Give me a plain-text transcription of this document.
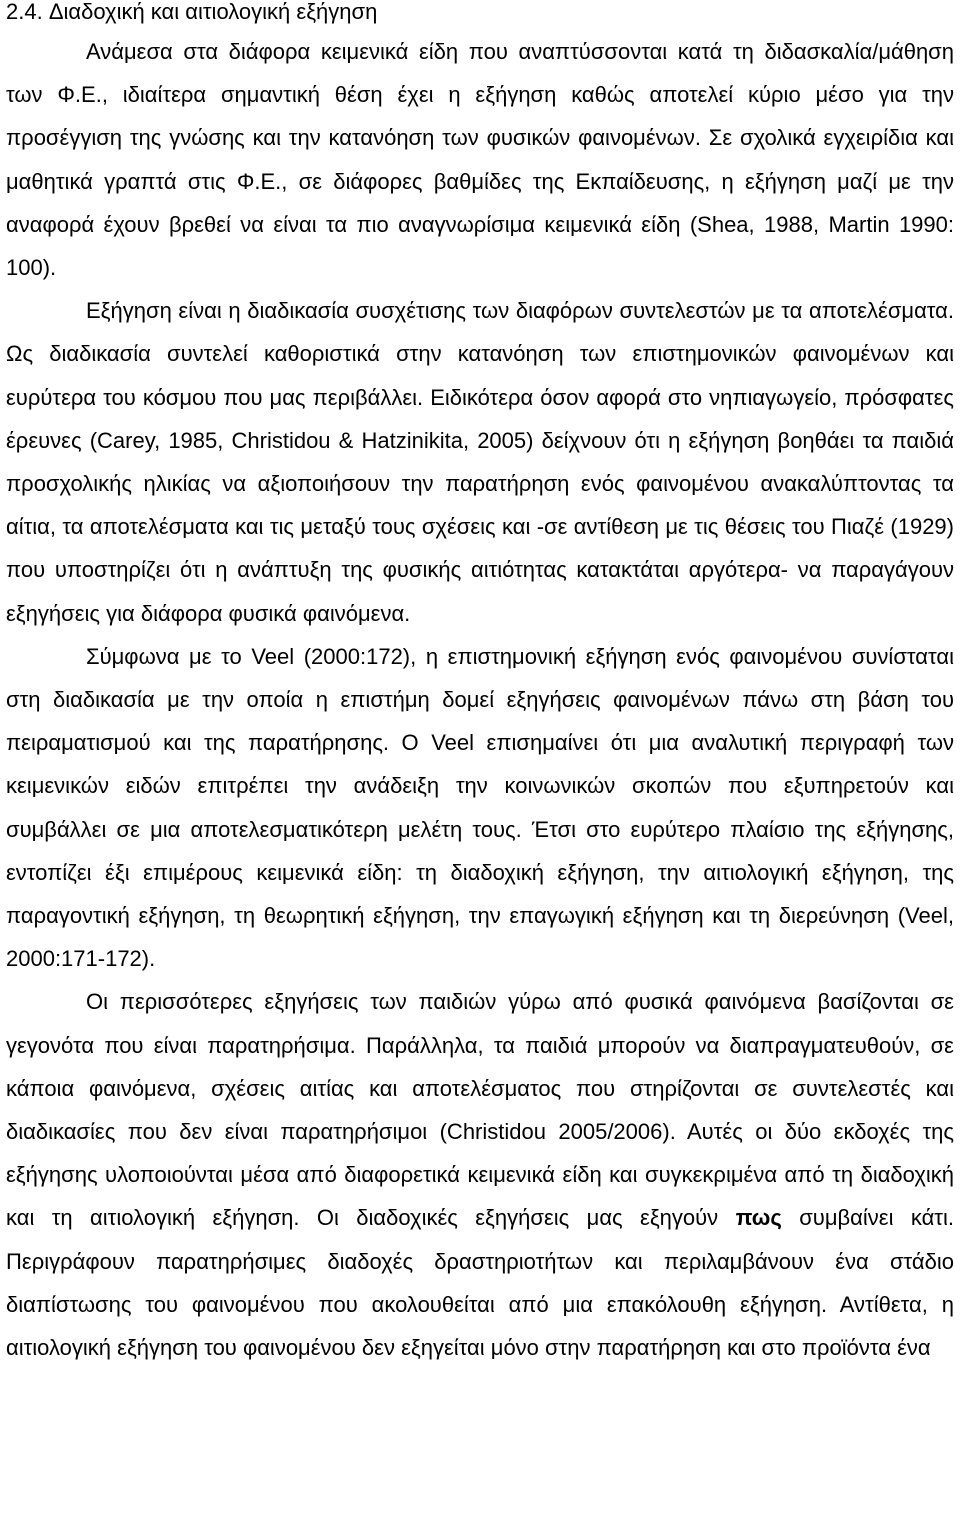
2.4. Διαδοχική και αιτιολογική εξήγηση

Ανάμεσα στα διάφορα κειμενικά είδη που αναπτύσσονται κατά τη διδασκαλία/μάθηση των Φ.Ε., ιδιαίτερα σημαντική θέση έχει η εξήγηση καθώς αποτελεί κύριο μέσο για την προσέγγιση της γνώσης και την κατανόηση των φυσικών φαινομένων. Σε σχολικά εγχειρίδια και μαθητικά γραπτά στις Φ.Ε., σε διάφορες βαθμίδες της Εκπαίδευσης, η εξήγηση μαζί με την αναφορά έχουν βρεθεί να είναι τα πιο αναγνωρίσιμα κειμενικά είδη (Shea, 1988, Martin 1990: 100).

Εξήγηση είναι η διαδικασία συσχέτισης των διαφόρων συντελεστών με τα αποτελέσματα. Ως διαδικασία συντελεί καθοριστικά στην κατανόηση των επιστημονικών φαινομένων και ευρύτερα του κόσμου που μας περιβάλλει. Ειδικότερα όσον αφορά στο νηπιαγωγείο, πρόσφατες έρευνες (Carey, 1985, Christidou & Hatzinikita, 2005) δείχνουν ότι η εξήγηση βοηθάει τα παιδιά προσχολικής ηλικίας να αξιοποιήσουν την παρατήρηση ενός φαινομένου ανακαλύπτοντας τα αίτια, τα αποτελέσματα και τις μεταξύ τους σχέσεις και -σε αντίθεση με τις θέσεις του Πιαζέ (1929) που υποστηρίζει ότι η ανάπτυξη της φυσικής αιτιότητας κατακτάται αργότερα- να παραγάγουν εξηγήσεις για διάφορα φυσικά φαινόμενα.

Σύμφωνα με το Veel (2000:172), η επιστημονική εξήγηση ενός φαινομένου συνίσταται στη διαδικασία με την οποία η επιστήμη δομεί εξηγήσεις φαινομένων πάνω στη βάση του πειραματισμού και της παρατήρησης. Ο Veel επισημαίνει ότι μια αναλυτική περιγραφή των κειμενικών ειδών επιτρέπει την ανάδειξη την κοινωνικών σκοπών που εξυπηρετούν και συμβάλλει σε μια αποτελεσματικότερη μελέτη τους. Έτσι στο ευρύτερο πλαίσιο της εξήγησης, εντοπίζει έξι επιμέρους κειμενικά είδη: τη διαδοχική εξήγηση, την αιτιολογική εξήγηση, της παραγοντική εξήγηση, τη θεωρητική εξήγηση, την επαγωγική εξήγηση και τη διερεύνηση (Veel, 2000:171-172).

Οι περισσότερες εξηγήσεις των παιδιών γύρω από φυσικά φαινόμενα βασίζονται σε γεγονότα που είναι παρατηρήσιμα. Παράλληλα, τα παιδιά μπορούν να διαπραγματευθούν, σε κάποια φαινόμενα, σχέσεις αιτίας και αποτελέσματος που στηρίζονται σε συντελεστές και διαδικασίες που δεν είναι παρατηρήσιμοι (Christidou 2005/2006). Αυτές οι δύο εκδοχές της εξήγησης υλοποιούνται μέσα από διαφορετικά κειμενικά είδη και συγκεκριμένα από τη διαδοχική και τη αιτιολογική εξήγηση. Οι διαδοχικές εξηγήσεις μας εξηγούν πως συμβαίνει κάτι. Περιγράφουν παρατηρήσιμες διαδοχές δραστηριοτήτων και περιλαμβάνουν ένα στάδιο διαπίστωσης του φαινομένου που ακολουθείται από μια επακόλουθη εξήγηση. Αντίθετα, η αιτιολογική εξήγηση του φαινομένου δεν εξηγείται μόνο στην παρατήρηση και στο προϊόντα ένα
